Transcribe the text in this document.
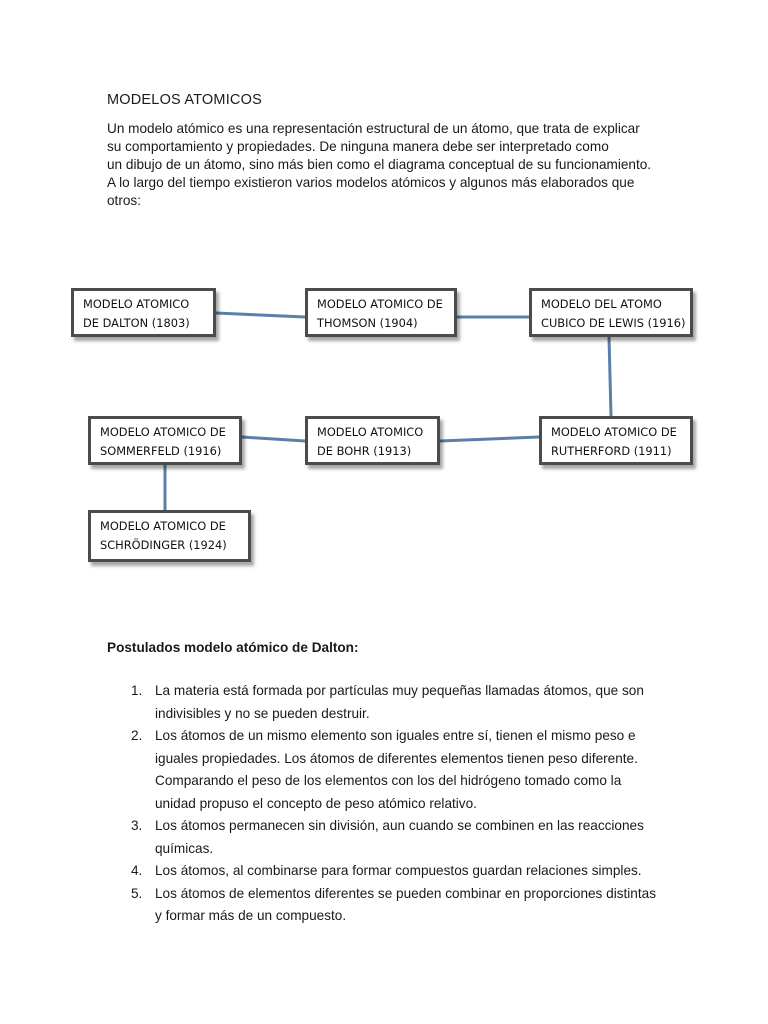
MODELOS ATOMICOS
Un modelo atómico es una representación estructural de un átomo, que trata de explicar
su comportamiento y propiedades. De ninguna manera debe ser interpretado como
un dibujo de un átomo, sino más bien como el diagrama conceptual de su funcionamiento.
A lo largo del tiempo existieron varios modelos atómicos y algunos más elaborados que
otros:
MODELO ATOMICO
DE DALTON (1803)
MODELO ATOMICO DE
THOMSON (1904)
MODELO DEL ATOMO
CUBICO DE LEWIS (1916)
MODELO ATOMICO DE
SOMMERFELD (1916)
MODELO ATOMICO
DE BOHR (1913)
MODELO ATOMICO DE
RUTHERFORD (1911)
MODELO ATOMICO DE
SCHRÖDINGER (1924)
Postulados modelo atómico de Dalton:
1. La materia está formada por partículas muy pequeñas llamadas átomos, que son
indivisibles y no se pueden destruir.
2. Los átomos de un mismo elemento son iguales entre sí, tienen el mismo peso e
iguales propiedades. Los átomos de diferentes elementos tienen peso diferente.
Comparando el peso de los elementos con los del hidrógeno tomado como la
unidad propuso el concepto de peso atómico relativo.
3. Los átomos permanecen sin división, aun cuando se combinen en las reacciones
químicas.
4. Los átomos, al combinarse para formar compuestos guardan relaciones simples.
5. Los átomos de elementos diferentes se pueden combinar en proporciones distintas
y formar más de un compuesto.
